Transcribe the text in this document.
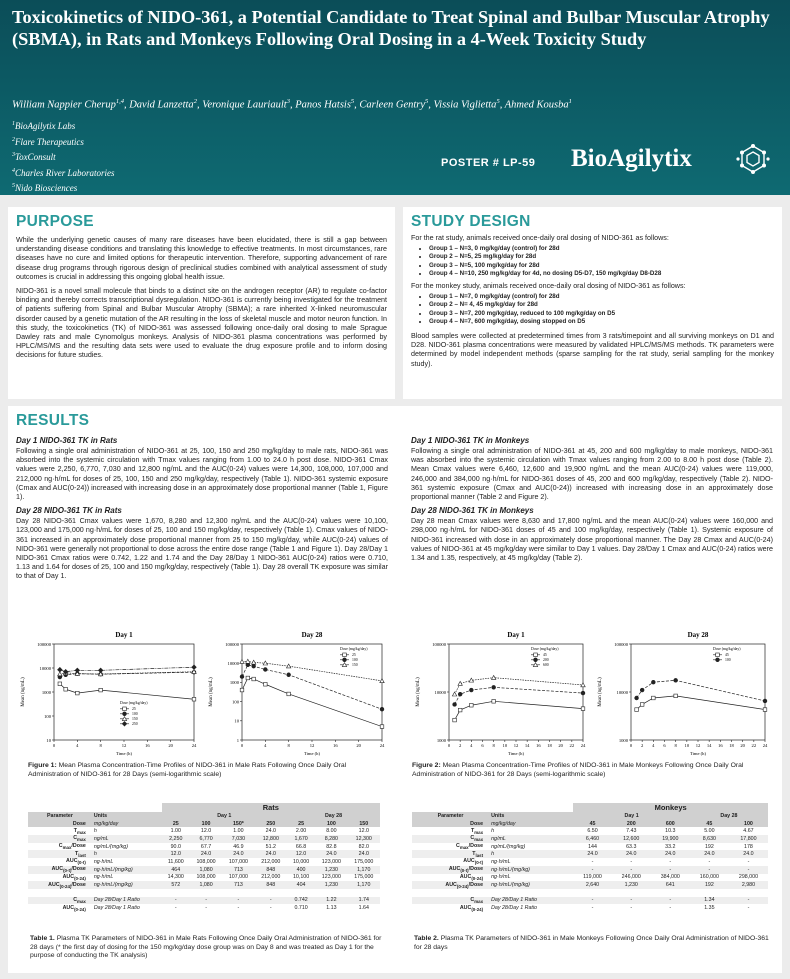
Toxicokinetics of NIDO-361, a Potential Candidate to Treat Spinal and Bulbar Muscular Atrophy (SBMA), in Rats and Monkeys Following Oral Dosing in a 4-Week Toxicity Study
William Nappier Cherup$^{1,4}$, David Lanzetta$^2$, Veronique Lauriault$^3$, Panos Hatsis$^5$, Carleen Gentry$^5$, Vissia Viglietta$^5$, Ahmed Kousba$^1$
$^1$BioAgilytix Labs
$^2$Flare Therapeutics
$^3$ToxConsult
$^4$Charles River Laboratories
$^5$Nido Biosciences
POSTER # LP-59 BioAgilytix
PURPOSE

While the underlying genetic causes of many rare diseases have been elucidated, there is still a gap between understanding disease conditions and translating this knowledge to effective treatments. In most circumstances, rare diseases have no cure and limited options for therapeutic intervention. Therefore, supporting advancement of rare disease drug programs through rigorous design of preclinical studies combined with analytical assessment of study outcomes is crucial in addressing this ongoing global health issue.

NIDO-361 is a novel small molecule that binds to a distinct site on the androgen receptor (AR) to regulate co-factor binding and thereby corrects transcriptional dysregulation. NIDO-361 is currently being investigated for the treatment of patients suffering from Spinal and Bulbar Muscular Atrophy (SBMA); a rare inherited X-linked neuromuscular disorder caused by a genetic mutation of the AR resulting in the loss of skeletal muscle and motor neuron function. In this study, the toxicokinetics (TK) of NIDO-361 was assessed following once-daily oral dosing to male Sprague Dawley rats and male Cynomolgus monkeys. Analysis of NIDO-361 plasma concentrations was performed by HPLC/MS/MS and the resulting data sets were used to evaluate the drug exposure profile and to inform dosing decisions for future studies.

STUDY DESIGN

For the rat study, animals received once-daily oral dosing of NIDO-361 as follows:

• Group 1 – N=3, 0 mg/kg/day (control) for 28d
• Group 2 – N=5, 25 mg/kg/day for 28d
• Group 3 – N=5, 100 mg/kg/day for 28d
• Group 4 – N=10, 250 mg/kg/day for 4d, no dosing D5-D7, 150 mg/kg/day D8-D28

For the monkey study, animals received once-daily oral dosing of NIDO-361 as follows:

• Group 1 – N=7, 0 mg/kg/day (control) for 28d
• Group 2 – N= 4, 45 mg/kg/day for 28d
• Group 3 – N=7, 200 mg/kg/day, reduced to 100 mg/kg/day on D5
• Group 4 – N=7, 600 mg/kg/day, dosing stopped on D5

Blood samples were collected at predetermined times from 3 rats/timepoint and all surviving monkeys on D1 and D28. NIDO-361 plasma concentrations were measured by validated HPLC/MS/MS methods. TK parameters were determined by model independent methods (sparse sampling for the rat study, serial sampling for the monkey study).

RESULTS
Day 1 NIDO-361 TK in Rats

Following a single oral administration of NIDO-361 at 25, 100, 150 and 250 mg/kg/day to male rats, NIDO-361 was absorbed into the systemic circulation with Tmax values ranging from 1.00 to 24.0 h post dose. NIDO-361 Cmax values were 2,250, 6,770, 7,030 and 12,800 ng/mL and the AUC(0-24) values were 14,300, 108,000, 107,000 and 212,000 ng·h/mL for doses of 25, 100, 150 and 250 mg/kg/day, respectively (Table 1). NIDO-361 systemic exposure (Cmax and AUC(0-24)) increased with increasing dose in an approximately dose proportional manner (Table 1, Figure 1).

Day 28 NIDO-361 TK in Rats

Day 28 NIDO-361 Cmax values were 1,670, 8,280 and 12,300 ng/mL and the AUC(0-24) values were 10,100, 123,000 and 175,000 ng·h/mL for doses of 25, 100 and 150 mg/kg/day, respectively (Table 1). Cmax values of NIDO-361 increased in an approximately dose proportional manner from 25 to 150 mg/kg/day, while AUC(0-24) values of NIDO-361 were generally not proportional to dose across the entire dose range (Table 1 and Figure 1). Day 28/Day 1 NIDO-361 Cmax ratios were 0.742, 1.22 and 1.74 and the Day 28/Day 1 NIDO-361 AUC(0-24) ratios were 0.710, 1.13 and 1.64 for doses of 25, 100 and 150 mg/kg/day, respectively (Table 1). Day 28 overall TK exposure was similar to that of Day 1.

Day 1 NIDO-361 TK in Monkeys

Following a single oral administration of NIDO-361 at 45, 200 and 600 mg/kg/day to male monkeys, NIDO-361 was absorbed into the systemic circulation with Tmax values ranging from 2.00 to 8.00 h post dose (Table 2). Mean Cmax values were 6,460, 12,600 and 19,900 ng/mL and the mean AUC(0-24) values were 119,000, 246,000 and 384,000 ng·h/mL for NIDO-361 doses of 45, 200 and 600 mg/kg/day, respectively (Table 2). NIDO-361 systemic exposure (Cmax and AUC(0-24)) increased with increasing dose in an approximately dose proportional manner (Table 2 and Figure 2).

Day 28 NIDO-361 TK in Monkeys

Day 28 mean Cmax values were 8,630 and 17,800 ng/mL and the mean AUC(0-24) values were 160,000 and 298,000 ng·h/mL for NIDO-361 doses of 45 and 100 mg/kg/day, respectively (Table 1). Systemic exposure of NIDO-361 increased with dose in an approximately dose proportional manner. The Day 28 Cmax and AUC(0-24) values of NIDO-361 at 45 mg/kg/day were similar to Day 1 values. Day 28/Day 1 Cmax and AUC(0-24) ratios were 1.34 and 1.35, respectively, at 45 mg/kg/day (Table 2).

Day 1
10
100
1000
10000
100000
0	4	8	12	16	20	24
Time (h)
Mean (ng/mL)	Dose (mg/kg/day)
25
100
150
250
Day 28
1
10
100
1000
10000
100000
0	4	8	12	16	20	24
Time (h)
Mean (ng/mL)
Dose (mg/kg/day)
25
100
150
Day 1
1000
10000
100000
0 2 4 6 8 10 12 14 16 18 20 22 24
Time (h)
Mean (ng/mL)
Dose (mg/kg/day)
45
200
600
Day 28
1000
10000
100000
0 2 4 6 8 10 12 14 16 18 20 22 24
Time (h)
Mean (ng/mL)
Dose (mg/kg/day)
45
100
Figure 1: Mean Plasma Concentration-Time Profiles of NIDO-361 in Male Rats Following Once Daily Oral Administration of NIDO-361 for 28 Days (semi-logarithmic scale)
Figure 2: Mean Plasma Concentration-Time Profiles of NIDO-361 in Male Monkeys Following Once Daily Oral Administration of NIDO-361 for 28 Days (semi-logarithmic scale)
		Rats						
Parameter	Units	Day 1				Day 28		
Dose	mg/kg/day	25	100	150*	250	25	100	150
$T_{max}$	h	1.00	12.0	1.00	24.0	2.00	8.00	12.0
$C_{max}$	ng/mL	2,250	6,770	7,030	12,800	1,670	8,280	12,300
$C_{max}$/Dose	ng/mL/(mg/kg)	90.0	67.7	46.9	51.2	66.8	82.8	82.0
$T_{last}$	h	12.0	24.0	24.0	24.0	12.0	24.0	24.0
$AUC_{(0-t)}$	ng·h/mL	11,600	108,000	107,000	212,000	10,000	123,000	175,000
$AUC_{(0-t)}$/Dose	ng·h/mL/(mg/kg)	464	1,080	713	848	400	1,230	1,170
$AUC_{(0-24)}$	ng·h/mL	14,300	108,000	107,000	212,000	10,100	123,000	175,000
$AUC_{(0-24)}$/Dose	ng·h/mL/(mg/kg)	572	1,080	713	848	404	1,230	1,170

$C_{max}$	Day 28/Day 1 Ratio	-	-	-	-	0.742	1.22	1.74
$AUC_{(0-24)}$	Day 28/Day 1 Ratio	-	-	-	-	0.710	1.13	1.64
Table 1. Plasma TK Parameters of NIDO-361 in Male Rats Following Once Daily Oral Administration of NIDO-361 for 28 days (* the first day of dosing for the 150 mg/kg/day dose group was on Day 8 and was treated as Day 1 for the purpose of conducting the TK analysis)
		Monkeys				
Parameter	Units	Day 1			Day 28	
Dose	mg/kg/day	45	200	600	45	100
$T_{max}$	h	6.50	7.43	10.3	5.00	4.67
$C_{max}$	ng/mL	6,460	12,600	19,900	8,630	17,800
$C_{max}$/Dose	ng/mL/(mg/kg)	144	63.3	33.2	192	178
$T_{last}$	h	24.0	24.0	24.0	24.0	24.0
$AUC_{(0-t)}$	ng·h/mL	-	-	-	-	-
$AUC_{(0-t)}$/Dose	ng·h/mL/(mg/kg)	-	-	-	-	-
$AUC_{(0-24)}$	ng·h/mL	119,000	246,000	384,000	160,000	298,000
$AUC_{(0-24)}$/Dose	ng·h/mL/(mg/kg)	2,640	1,230	641	192	2,980

$C_{max}$	Day 28/Day 1 Ratio	-	-	-	1.34	-
$AUC_{(0-24)}$	Day 28/Day 1 Ratio	-	-	-	1.35	-
Table 2. Plasma TK Parameters of NIDO-361 in Male Monkeys Following Once Daily Oral Administration of NIDO-361 for 28 days
